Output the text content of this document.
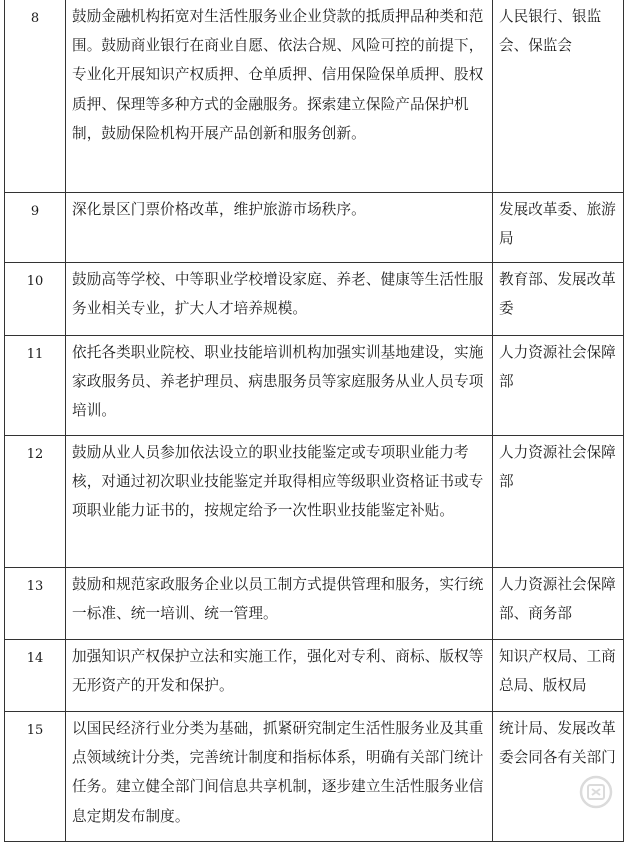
8	鼓励金融机构拓宽对生活性服务业企业贷款的抵质押品种类和范围。鼓励商业银行在商业自愿、依法合规、风险可控的前提下，专业化开展知识产权质押、仓单质押、信用保险保单质押、股权质押、保理等多种方式的金融服务。探索建立保险产品保护机制，鼓励保险机构开展产品创新和服务创新。	人民银行、银监会、保监会
9	深化景区门票价格改革，维护旅游市场秩序。	发展改革委、旅游局
10	鼓励高等学校、中等职业学校增设家庭、养老、健康等生活性服务业相关专业，扩大人才培养规模。	教育部、发展改革委
11	依托各类职业院校、职业技能培训机构加强实训基地建设，实施家政服务员、养老护理员、病患服务员等家庭服务从业人员专项培训。	人力资源社会保障部
12	鼓励从业人员参加依法设立的职业技能鉴定或专项职业能力考核，对通过初次职业技能鉴定并取得相应等级职业资格证书或专项职业能力证书的，按规定给予一次性职业技能鉴定补贴。	人力资源社会保障部
13	鼓励和规范家政服务企业以员工制方式提供管理和服务，实行统一标准、统一培训、统一管理。	人力资源社会保障部、商务部
14	加强知识产权保护立法和实施工作，强化对专利、商标、版权等无形资产的开发和保护。	知识产权局、工商总局、版权局
15	以国民经济行业分类为基础，抓紧研究制定生活性服务业及其重点领域统计分类，完善统计制度和指标体系，明确有关部门统计任务。建立健全部门间信息共享机制，逐步建立生活性服务业信息定期发布制度。	统计局、发展改革委会同各有关部门
